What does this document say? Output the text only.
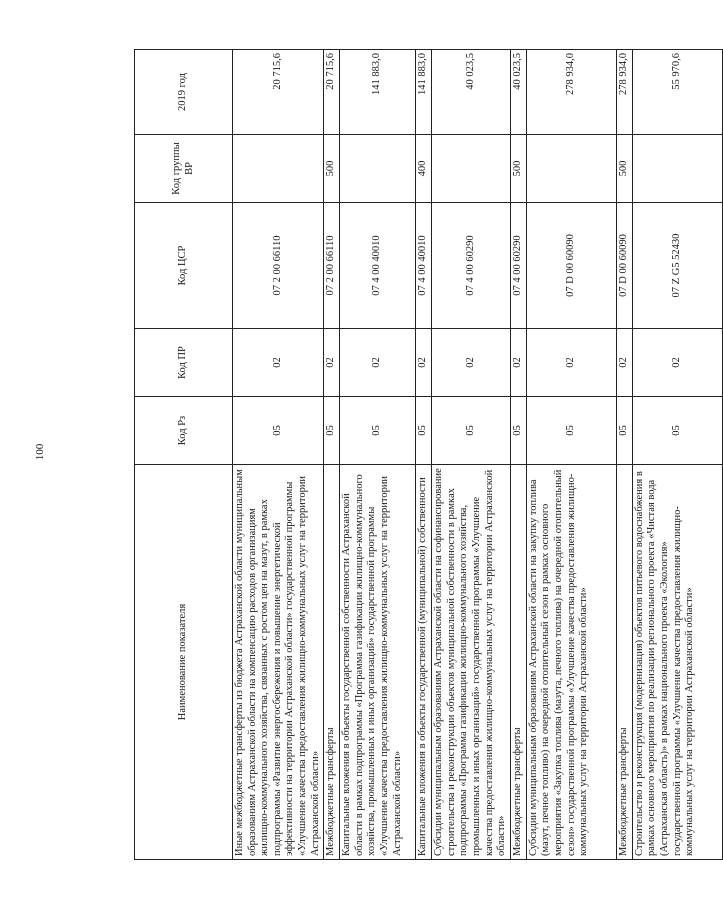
100
Наименование показателя	Код Рз	Код ПР	Код ЦСР	Код группы ВР	2019 год
Иные межбюджетные трансферты из бюджета Астраханской области муниципальным образованиям Астраханской области на компенсацию расходов организациям жилищно-коммунального хозяйства, связанных с ростом цен на мазут, в рамках подпрограммы «Развитие энергосбережения и повышение энергетической эффективности на территории Астраханской области» государственной программы «Улучшение качества предоставления жилищно-коммунальных услуг на территории Астраханской области»	05	02	07 2 00 66110		20 715,6
Межбюджетные трансферты	05	02	07 2 00 66110	500	20 715,6
Капитальные вложения в объекты государственной собственности Астраханской области в рамках подпрограммы «Программа газификации жилищно-коммунального хозяйства, промышленных и иных организаций» государственной программы «Улучшение качества предоставления жилищно-коммунальных услуг на территории Астраханской области»	05	02	07 4 00 40010		141 883,0
Капитальные вложения в объекты государственной (муниципальной) собственности	05	02	07 4 00 40010	400	141 883,0
Субсидии муниципальным образованиям Астраханской области на софинансирование строительства и реконструкции объектов муниципальной собственности в рамках подпрограммы «Программа газификации жилищно-коммунального хозяйства, промышленных и иных организаций» государственной программы «Улучшение качества предоставления жилищно-коммунальных услуг на территории Астраханской области»	05	02	07 4 00 60290		40 023,5
Межбюджетные трансферты	05	02	07 4 00 60290	500	40 023,5
Субсидии муниципальным образованиям Астраханской области на закупку топлива (мазут, печное топливо) на очередной отопительный сезон в рамках основного мероприятия «Закупка топлива (мазута, печного топлива) на очередной отопительный сезон» государственной программы «Улучшение качества предоставления жилищно-коммунальных услуг на территории Астраханской области»	05	02	07 D 00 60090		278 934,0
Межбюджетные трансферты	05	02	07 D 00 60090	500	278 934,0
Строительство и реконструкция (модернизация) объектов питьевого водоснабжения в рамках основного мероприятия по реализации регионального проекта «Чистая вода (Астраханская область)» в рамках национального проекта «Экология» государственной программы «Улучшение качества предоставления жилищно-коммунальных услуг на территории Астраханской области»	05	02	07 Z G5 52430		55 970,6
